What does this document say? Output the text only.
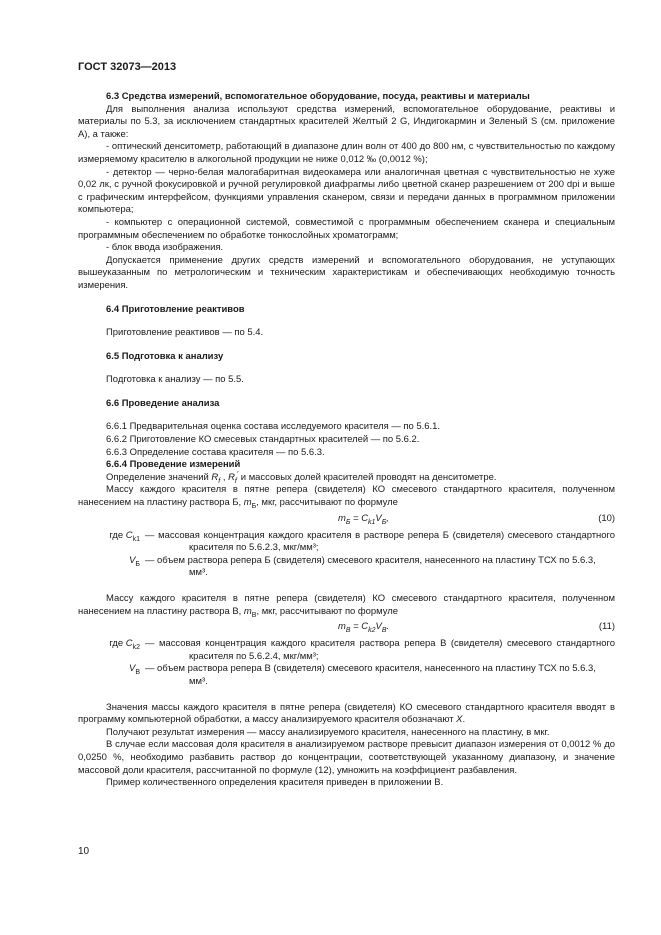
ГОСТ 32073—2013

6.3 Средства измерений, вспомогательное оборудование, посуда, реактивы и материалы

Для выполнения анализа используют средства измерений, вспомогательное оборудование, реактивы и материалы по 5.3, за исключением стандартных красителей Желтый 2 G, Индигокармин и Зеленый S (см. приложение А), а также:

- оптический денситометр, работающий в диапазоне длин волн от 400 до 800 нм, с чувствительностью по каждому измеряемому красителю в алкогольной продукции не ниже 0,012 ‰ (0,0012 %);

- детектор — черно-белая малогабаритная видеокамера или аналогичная цветная с чувствительностью не хуже 0,02 лк, с ручной фокусировкой и ручной регулировкой диафрагмы либо цветной сканер разрешением от 200 dpi и выше с графическим интерфейсом, функциями управления сканером, связи и передачи данных в программном приложении компьютера;

- компьютер с операционной системой, совместимой с программным обеспечением сканера и специальным программным обеспечением по обработке тонкослойных хроматограмм;

- блок ввода изображения.

Допускается применение других средств измерений и вспомогательного оборудования, не уступающих вышеуказанным по метрологическим и техническим характеристикам и обеспечивающих необходимую точность измерения.

6.4 Приготовление реактивов

Приготовление реактивов — по 5.4.

6.5 Подготовка к анализу

Подготовка к анализу — по 5.5.

6.6 Проведение анализа

6.6.1 Предварительная оценка состава исследуемого красителя — по 5.6.1.

6.6.2 Приготовление КО смесевых стандартных красителей — по 5.6.2.

6.6.3 Определение состава красителя — по 5.6.3.

6.6.4 Проведение измерений

Определение значений $R_f$ , $R_f'$ и массовых долей красителей проводят на денситометре.

Массу каждого красителя в пятне репера (свидетеля) КО смесевого стандартного красителя, полученном нанесением на пластину раствора Б, $m_Б$, мкг, рассчитывают по формуле

$m_Б = C_{k1}V_Б$,	(10)
где $C_{k1}$ — массовая концентрация каждого красителя в растворе репера Б (свидетеля) смесевого стандартного красителя по 5.6.2.3, мкг/мм³;
$V_Б$ — объем раствора репера Б (свидетеля) смесевого красителя, нанесенного на пластину ТСХ по 5.6.3, мм³.

Массу каждого красителя в пятне репера (свидетеля) КО смесевого стандартного красителя, полученном нанесением на пластину раствора В, $m_В$, мкг, рассчитывают по формуле

$m_В = C_{k2}V_В$.	(11)
где $C_{k2}$ — массовая концентрация каждого красителя раствора репера В (свидетеля) смесевого стандартного красителя по 5.6.2.4, мкг/мм³;
$V_В$ — объем раствора репера В (свидетеля) смесевого красителя, нанесенного на пластину ТСХ по 5.6.3, мм³.

Значения массы каждого красителя в пятне репера (свидетеля) КО смесевого стандартного красителя вводят в программу компьютерной обработки, а массу анализируемого красителя обозначают X.

Получают результат измерения — массу анализируемого красителя, нанесенного на пластину, в мкг.

В случае если массовая доля красителя в анализируемом растворе превысит диапазон измерения от 0,0012 % до 0,0250 %, необходимо разбавить раствор до концентрации, соответствующей указанному диапазону, и значение массовой доли красителя, рассчитанной по формуле (12), умножить на коэффициент разбавления.

Пример количественного определения красителя приведен в приложении В.

10
